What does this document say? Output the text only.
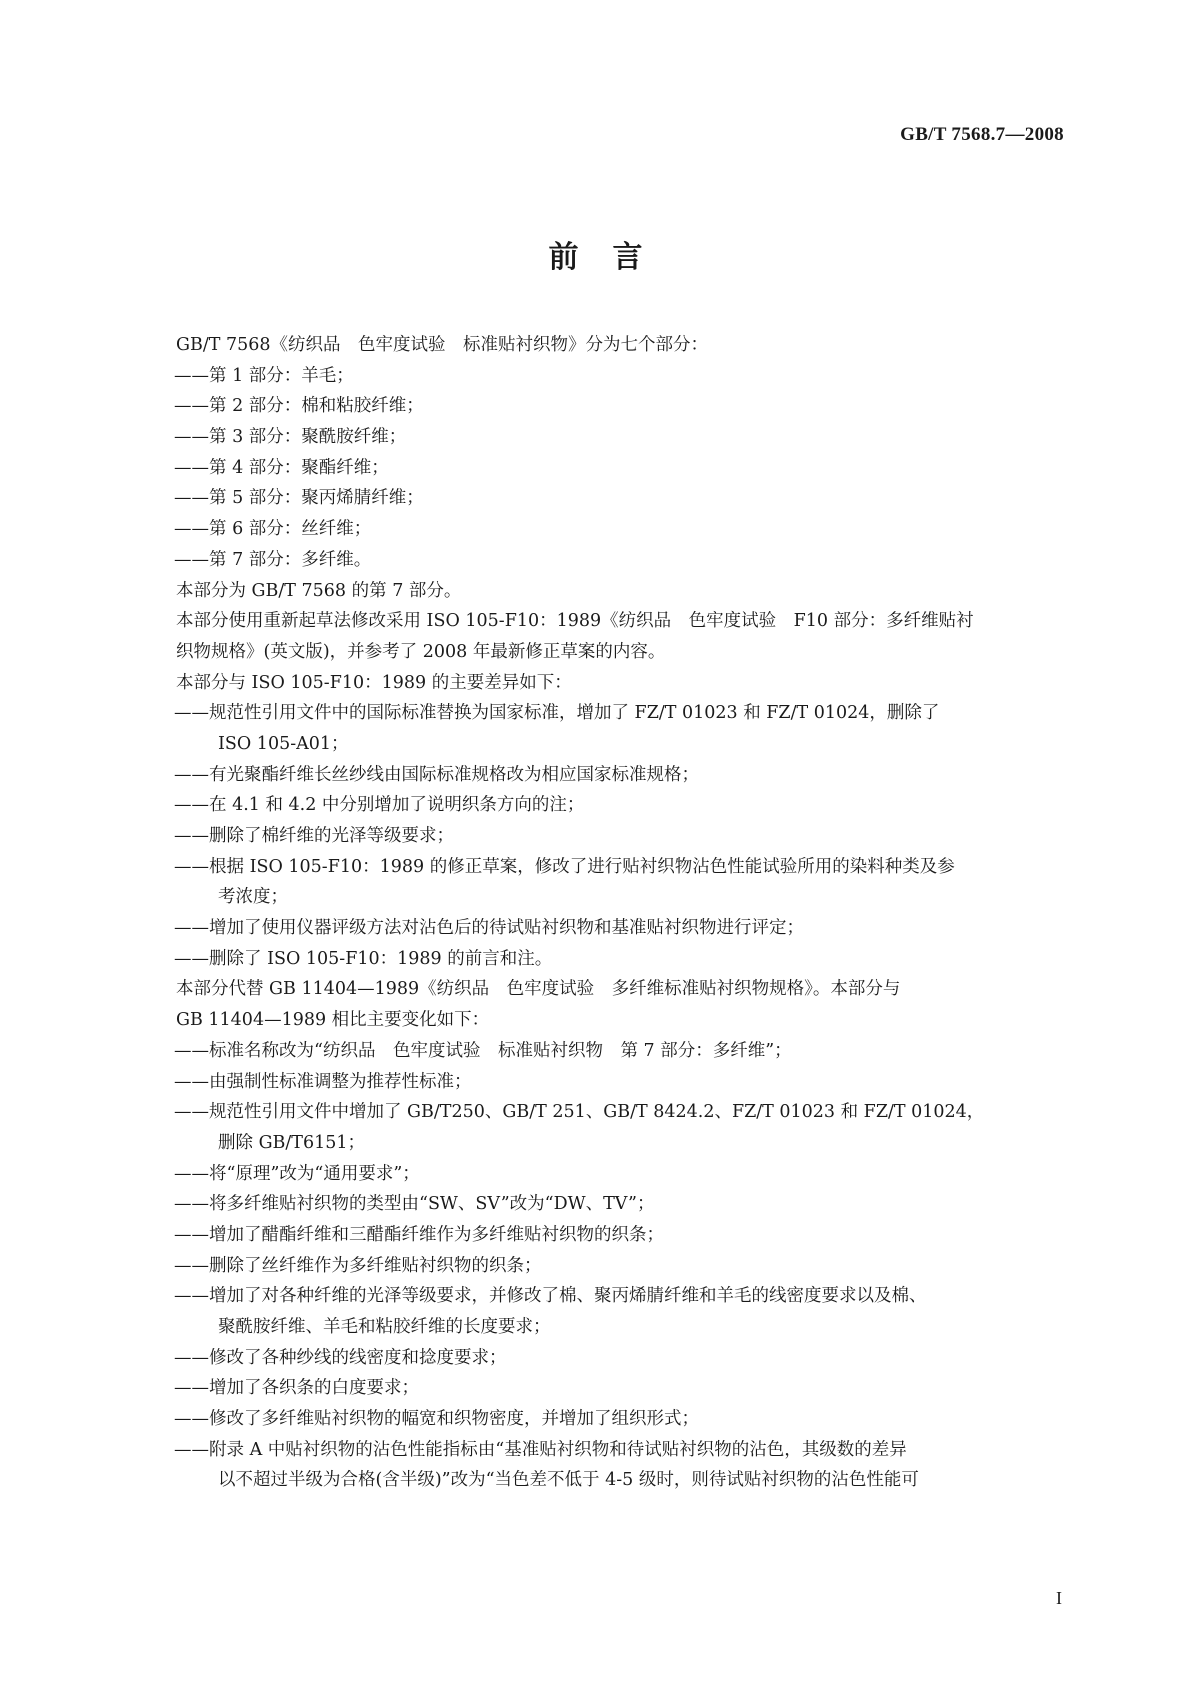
GB/T 7568.7—2008
前言
GB/T 7568《纺织品　色牢度试验　标准贴衬织物》分为七个部分：
——第 1 部分：羊毛；
——第 2 部分：棉和粘胶纤维；
——第 3 部分：聚酰胺纤维；
——第 4 部分：聚酯纤维；
——第 5 部分：聚丙烯腈纤维；
——第 6 部分：丝纤维；
——第 7 部分：多纤维。
本部分为 GB/T 7568 的第 7 部分。
本部分使用重新起草法修改采用 ISO 105-F10：1989《纺织品　色牢度试验　F10 部分：多纤维贴衬
织物规格》(英文版)，并参考了 2008 年最新修正草案的内容。
本部分与 ISO 105-F10：1989 的主要差异如下：
——规范性引用文件中的国际标准替换为国家标准，增加了 FZ/T 01023 和 FZ/T 01024，删除了
ISO 105-A01；
——有光聚酯纤维长丝纱线由国际标准规格改为相应国家标准规格；
——在 4.1 和 4.2 中分别增加了说明织条方向的注；
——删除了棉纤维的光泽等级要求；
——根据 ISO 105-F10：1989 的修正草案，修改了进行贴衬织物沾色性能试验所用的染料种类及参
考浓度；
——增加了使用仪器评级方法对沾色后的待试贴衬织物和基准贴衬织物进行评定；
——删除了 ISO 105-F10：1989 的前言和注。
本部分代替 GB 11404—1989《纺织品　色牢度试验　多纤维标准贴衬织物规格》。本部分与
GB 11404—1989 相比主要变化如下：
——标准名称改为“纺织品　色牢度试验　标准贴衬织物　第 7 部分：多纤维”；
——由强制性标准调整为推荐性标准；
——规范性引用文件中增加了 GB/T250、GB/T 251、GB/T 8424.2、FZ/T 01023 和 FZ/T 01024，
删除 GB/T6151；
——将“原理”改为“通用要求”；
——将多纤维贴衬织物的类型由“SW、SV”改为“DW、TV”；
——增加了醋酯纤维和三醋酯纤维作为多纤维贴衬织物的织条；
——删除了丝纤维作为多纤维贴衬织物的织条；
——增加了对各种纤维的光泽等级要求，并修改了棉、聚丙烯腈纤维和羊毛的线密度要求以及棉、
聚酰胺纤维、羊毛和粘胶纤维的长度要求；
——修改了各种纱线的线密度和捻度要求；
——增加了各织条的白度要求；
——修改了多纤维贴衬织物的幅宽和织物密度，并增加了组织形式；
——附录 A 中贴衬织物的沾色性能指标由“基准贴衬织物和待试贴衬织物的沾色，其级数的差异
以不超过半级为合格(含半级)”改为“当色差不低于 4-5 级时，则待试贴衬织物的沾色性能可
I
